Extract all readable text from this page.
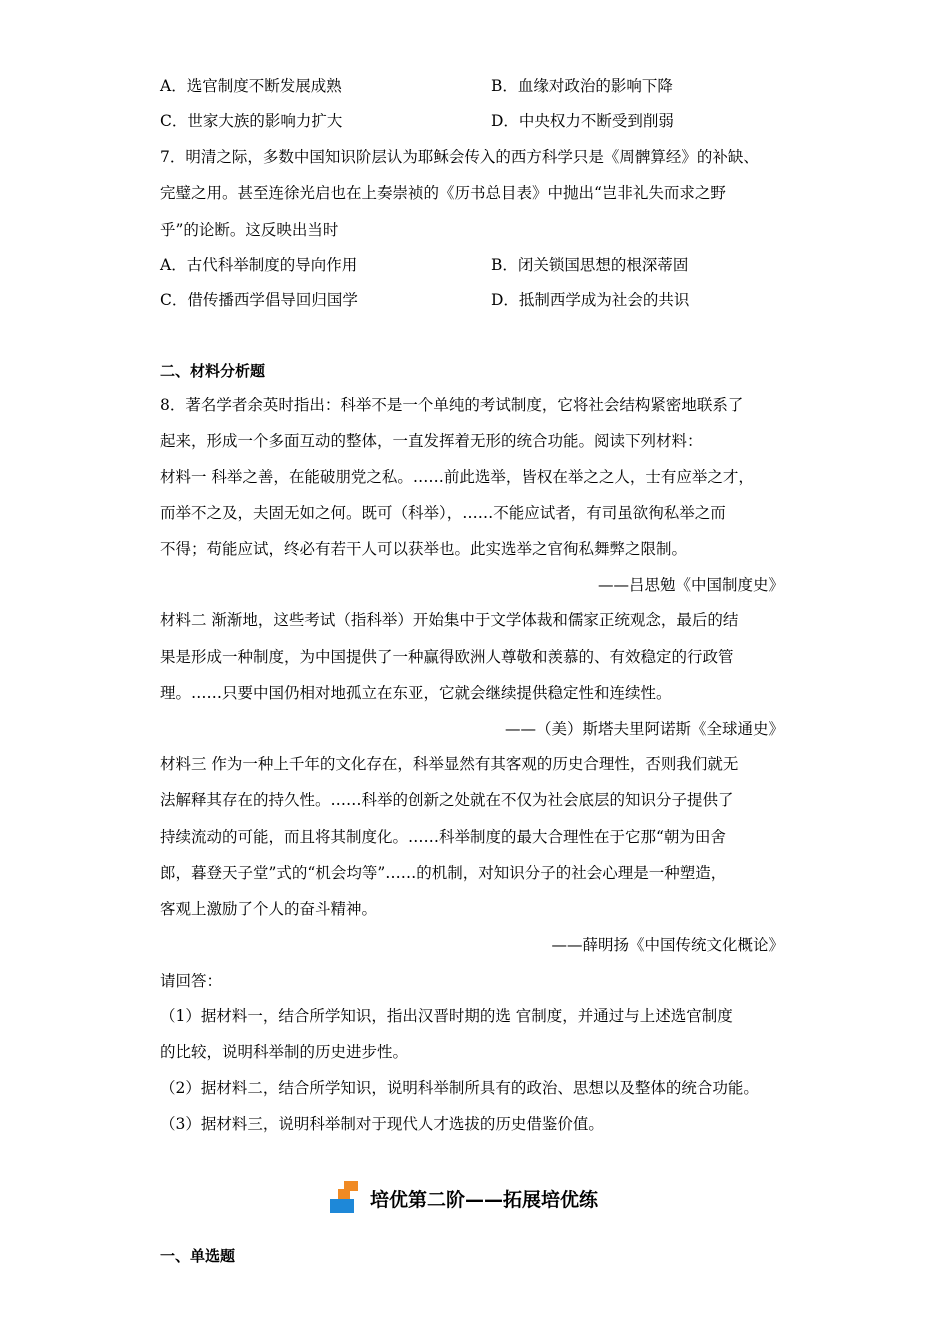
A．选官制度不断发展成熟	B．血缘对政治的影响下降
C．世家大族的影响力扩大	D．中央权力不断受到削弱
7．明清之际，多数中国知识阶层认为耶稣会传入的西方科学只是《周髀算经》的补缺、
完璧之用。甚至连徐光启也在上奏崇祯的《历书总目表》中抛出“岂非礼失而求之野
乎”的论断。这反映出当时
A．古代科举制度的导向作用	B．闭关锁国思想的根深蒂固
C．借传播西学倡导回归国学	D．抵制西学成为社会的共识
二、材料分析题
8．著名学者余英时指出：科举不是一个单纯的考试制度，它将社会结构紧密地联系了
起来，形成一个多面互动的整体，一直发挥着无形的统合功能。阅读下列材料：
材料一 科举之善，在能破朋党之私。……前此选举，皆权在举之之人，士有应举之才，
而举不之及，夫固无如之何。既可（科举），……不能应试者，有司虽欲徇私举之而
不得；苟能应试，终必有若干人可以获举也。此实选举之官徇私舞弊之限制。
——吕思勉《中国制度史》
材料二 渐渐地，这些考试（指科举）开始集中于文学体裁和儒家正统观念，最后的结
果是形成一种制度，为中国提供了一种赢得欧洲人尊敬和羡慕的、有效稳定的行政管
理。……只要中国仍相对地孤立在东亚，它就会继续提供稳定性和连续性。
——（美）斯塔夫里阿诺斯《全球通史》
材料三 作为一种上千年的文化存在，科举显然有其客观的历史合理性，否则我们就无
法解释其存在的持久性。……科举的创新之处就在不仅为社会底层的知识分子提供了
持续流动的可能，而且将其制度化。……科举制度的最大合理性在于它那“朝为田舍
郎，暮登天子堂”式的“机会均等”……的机制，对知识分子的社会心理是一种塑造，
客观上激励了个人的奋斗精神。
——薛明扬《中国传统文化概论》
请回答：
（1）据材料一，结合所学知识，指出汉晋时期的选 官制度，并通过与上述选官制度
的比较，说明科举制的历史进步性。
（2）据材料二，结合所学知识，说明科举制所具有的政治、思想以及整体的统合功能。
（3）据材料三，说明科举制对于现代人才选拔的历史借鉴价值。
培优第二阶——拓展培优练
一、单选题
